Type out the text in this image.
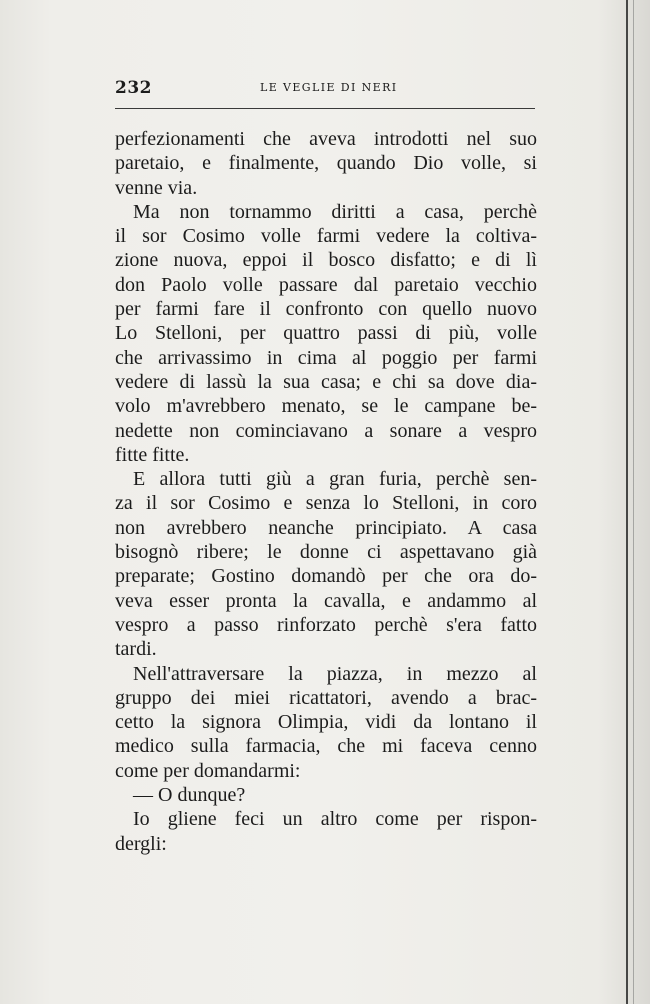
232	LE VEGLIE DI NERI
perfezionamenti che aveva introdotti nel suo
paretaio, e finalmente, quando Dio volle, si
venne via.
Ma non tornammo diritti a casa, perchè
il sor Cosimo volle farmi vedere la coltiva-
zione nuova, eppoi il bosco disfatto; e di lì
don Paolo volle passare dal paretaio vecchio
per farmi fare il confronto con quello nuovo
Lo Stelloni, per quattro passi di più, volle
che arrivassimo in cima al poggio per farmi
vedere di lassù la sua casa; e chi sa dove dia-
volo m'avrebbero menato, se le campane be-
nedette non cominciavano a sonare a vespro
fitte fitte.
E allora tutti giù a gran furia, perchè sen-
za il sor Cosimo e senza lo Stelloni, in coro
non avrebbero neanche principiato. A casa
bisognò ribere; le donne ci aspettavano già
preparate; Gostino domandò per che ora do-
veva esser pronta la cavalla, e andammo al
vespro a passo rinforzato perchè s'era fatto
tardi.
Nell'attraversare la piazza, in mezzo al
gruppo dei miei ricattatori, avendo a brac-
cetto la signora Olimpia, vidi da lontano il
medico sulla farmacia, che mi faceva cenno
come per domandarmi:
— O dunque?
Io gliene feci un altro come per rispon-
dergli:
